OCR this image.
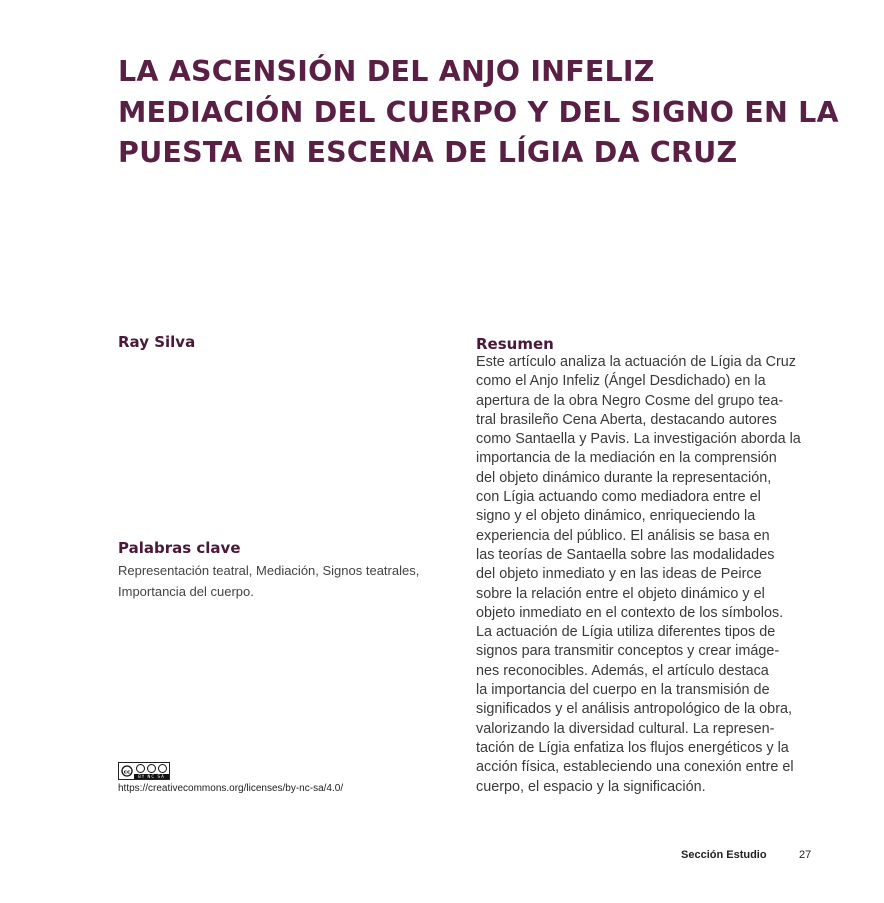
LA ASCENSIÓN DEL ANJO INFELIZ
MEDIACIÓN DEL CUERPO Y DEL SIGNO EN LA
PUESTA EN ESCENA DE LÍGIA DA CRUZ

Ray Silva

Palabras clave

Representación teatral, Mediación, Signos teatrales, Importancia del cuerpo.

cc
BY NC SA

https://creativecommons.org/licenses/by-nc-sa/4.0/

Resumen
Este artículo analiza la actuación de Lígia da Cruz
como el Anjo Infeliz (Ángel Desdichado) en la
apertura de la obra Negro Cosme del grupo tea-
tral brasileño Cena Aberta, destacando autores
como Santaella y Pavis. La investigación aborda la
importancia de la mediación en la comprensión
del objeto dinámico durante la representación,
con Lígia actuando como mediadora entre el
signo y el objeto dinámico, enriqueciendo la
experiencia del público. El análisis se basa en
las teorías de Santaella sobre las modalidades
del objeto inmediato y en las ideas de Peirce
sobre la relación entre el objeto dinámico y el
objeto inmediato en el contexto de los símbolos.
La actuación de Lígia utiliza diferentes tipos de
signos para transmitir conceptos y crear imáge-
nes reconocibles. Además, el artículo destaca
la importancia del cuerpo en la transmisión de
significados y el análisis antropológico de la obra,
valorizando la diversidad cultural. La represen-
tación de Lígia enfatiza los flujos energéticos y la
acción física, estableciendo una conexión entre el
cuerpo, el espacio y la significación.

Sección Estudio	27
